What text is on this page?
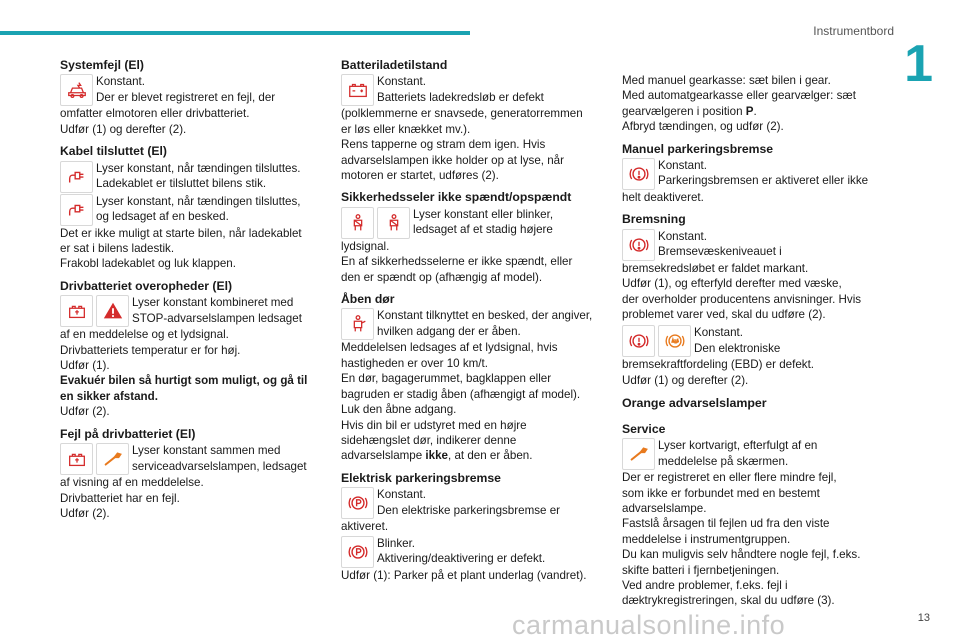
Instrumentbord
1
Systemfejl (El)
Konstant.
Der er blevet registreret en fejl, der
omfatter elmotoren eller drivbatteriet.
Udfør (1) og derefter (2).
Kabel tilsluttet (El)
Lyser konstant, når tændingen tilsluttes.
Ladekablet er tilsluttet bilens stik.
Lyser konstant, når tændingen tilsluttes,
og ledsaget af en besked.
Det er ikke muligt at starte bilen, når ladekablet
er sat i bilens ladestik.
Frakobl ladekablet og luk klappen.
Drivbatteriet overopheder (El)
Lyser konstant kombineret med
STOP-advarselslampen ledsaget
af en meddelelse og et lydsignal.
Drivbatteriets temperatur er for høj.
Udfør (1).
Evakuér bilen så hurtigt som muligt, og gå til
en sikker afstand.
Udfør (2).
Fejl på drivbatteriet (El)
Lyser konstant sammen med
serviceadvarselslampen, ledsaget
af visning af en meddelelse.
Drivbatteriet har en fejl.
Udfør (2).
Batteriladetilstand
Konstant.
Batteriets ladekredsløb er defekt
(polklemmerne er snavsede, generatorremmen
er løs eller knækket mv.).
Rens tapperne og stram dem igen. Hvis
advarselslampen ikke holder op at lyse, når
motoren er startet, udføres (2).
Sikkerhedsseler ikke spændt/opspændt
Lyser konstant eller blinker,
ledsaget af et stadig højere
lydsignal.
En af sikkerhedsselerne er ikke spændt, eller
den er spændt op (afhængig af model).
Åben dør
Konstant tilknyttet en besked, der angiver,
hvilken adgang der er åben.
Meddelelsen ledsages af et lydsignal, hvis
hastigheden er over 10 km/t.
En dør, bagagerummet, bagklappen eller
bagruden er stadig åben (afhængigt af model).
Luk den åbne adgang.
Hvis din bil er udstyret med en højre
sidehængslet dør, indikerer denne
advarselslampe ikke, at den er åben.
Elektrisk parkeringsbremse
Konstant.
Den elektriske parkeringsbremse er
aktiveret.
Blinker.
Aktivering/deaktivering er defekt.
Udfør (1): Parker på et plant underlag (vandret).
Med manuel gearkasse: sæt bilen i gear.
Med automatgearkasse eller gearvælger: sæt
gearvælgeren i position P.
Afbryd tændingen, og udfør (2).
Manuel parkeringsbremse
Konstant.
Parkeringsbremsen er aktiveret eller ikke
helt deaktiveret.
Bremsning
Konstant.
Bremsevæskeniveauet i
bremsekredsløbet er faldet markant.
Udfør (1), og efterfyld derefter med væske,
der overholder producentens anvisninger. Hvis
problemet varer ved, skal du udføre (2).
Konstant.
Den elektroniske
bremsekraftfordeling (EBD) er defekt.
Udfør (1) og derefter (2).
Orange advarselslamper
Service
Lyser kortvarigt, efterfulgt af en
meddelelse på skærmen.
Der er registreret en eller flere mindre fejl,
som ikke er forbundet med en bestemt
advarselslampe.
Fastslå årsagen til fejlen ud fra den viste
meddelelse i instrumentgruppen.
Du kan muligvis selv håndtere nogle fejl, f.eks.
skifte batteri i fjernbetjeningen.
Ved andre problemer, f.eks. fejl i
dæktrykregistreringen, skal du udføre (3).
carmanualsonline.info	13
